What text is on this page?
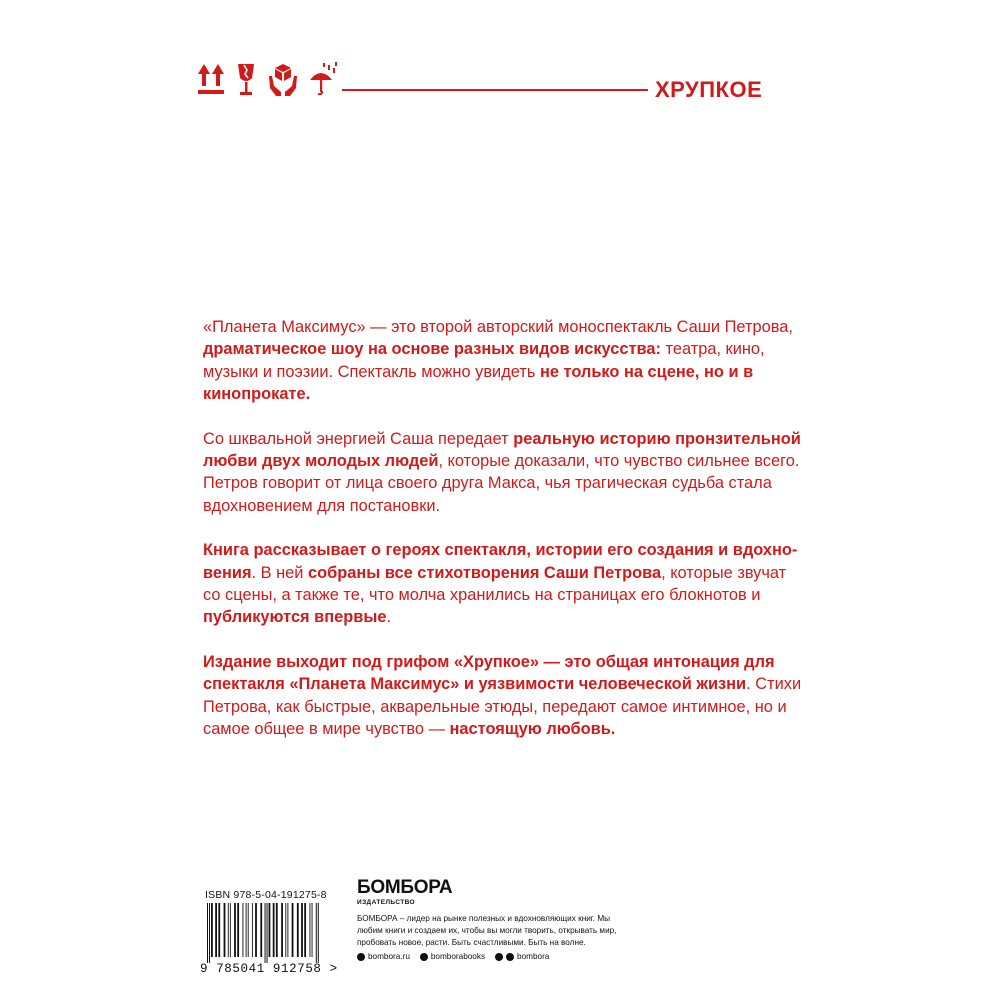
ХРУПКОЕ

«Планета Максимус» — это второй авторский моноспектакль Саши Петрова, драматическое шоу на основе разных видов искусства: театра, кино, музыки и поэзии. Спектакль можно увидеть не только на сцене, но и в кинопрокате.

Со шквальной энергией Саша передает реальную историю пронзительной любви двух молодых людей, которые доказали, что чувство сильнее всего. Петров говорит от лица своего друга Макса, чья трагическая судьба стала вдохновением для постановки.

Книга рассказывает о героях спектакля, истории его создания и вдохновения. В ней собраны все стихотворения Саши Петрова, которые звучат со сцены, а также те, что молча хранились на страницах его блокнотов и публикуются впервые.

Издание выходит под грифом «Хрупкое» — это общая интонация для спектакля «Планета Максимус» и уязвимости человеческой жизни. Стихи Петрова, как быстрые, акварельные этюды, передают самое интимное, но и самое общее в мире чувство — настоящую любовь.

ISBN 978-5-04-191275-8
9 785041 912758 >
БОМБОРА
ИЗДАТЕЛЬСТВО
БОМБОРА – лидер на рынке полезных и вдохновляющих книг. Мы любим книги и создаем их, чтобы вы могли творить, открывать мир, пробовать новое, расти. Быть счастливыми. Быть на волне.
bombora.ru	bomborabooks	bombora
